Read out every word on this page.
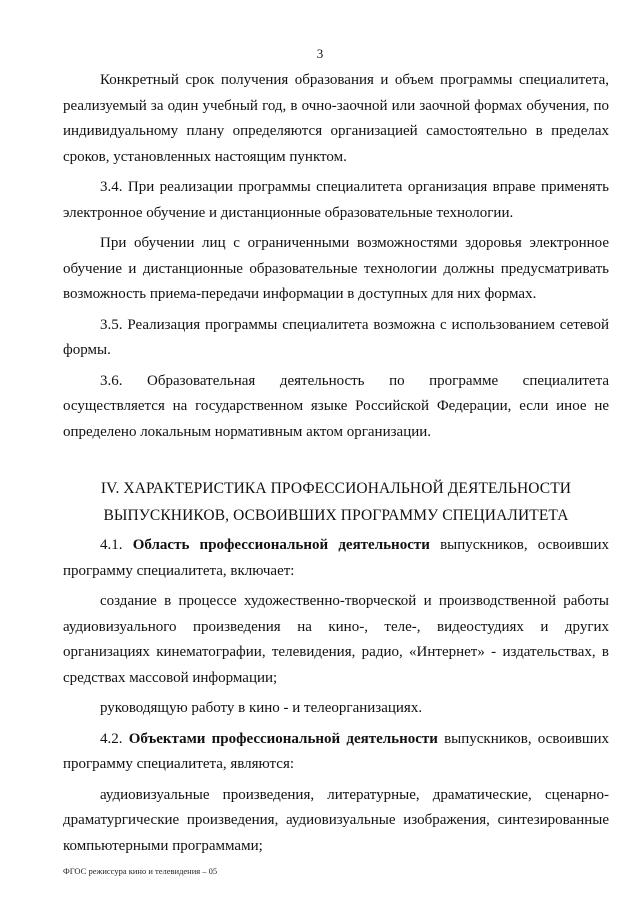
3

Конкретный срок получения образования и объем программы специалитета, реализуемый за один учебный год, в очно-заочной или заочной формах обучения, по индивидуальному плану определяются организацией самостоятельно в пределах сроков, установленных настоящим пунктом.

3.4. При реализации программы специалитета организация вправе применять электронное обучение и дистанционные образовательные технологии.

При обучении лиц с ограниченными возможностями здоровья электронное обучение и дистанционные образовательные технологии должны предусматривать возможность приема-передачи информации в доступных для них формах.

3.5. Реализация программы специалитета возможна с использованием сетевой формы.

3.6. Образовательная деятельность по программе специалитета

осуществляется на государственном языке Российской Федерации, если иное не определено локальным нормативным актом организации.

IV. ХАРАКТЕРИСТИКА ПРОФЕССИОНАЛЬНОЙ ДЕЯТЕЛЬНОСТИ
ВЫПУСКНИКОВ, ОСВОИВШИХ ПРОГРАММУ СПЕЦИАЛИТЕТА

4.1. Область профессиональной деятельности выпускников, освоивших программу специалитета, включает:

создание в процессе художественно-творческой и производственной работы аудиовизуального произведения на кино-, теле-, видеостудиях и других организациях кинематографии, телевидения, радио, «Интернет» - издательствах, в средствах массовой информации;

руководящую работу в кино - и телеорганизациях.

4.2. Объектами профессиональной деятельности выпускников, освоивших программу специалитета, являются:

аудиовизуальные произведения, литературные, драматические, сценарно-драматургические произведения, аудиовизуальные изображения, синтезированные компьютерными программами;

ФГОС режиссура кино и телевидения – 05
